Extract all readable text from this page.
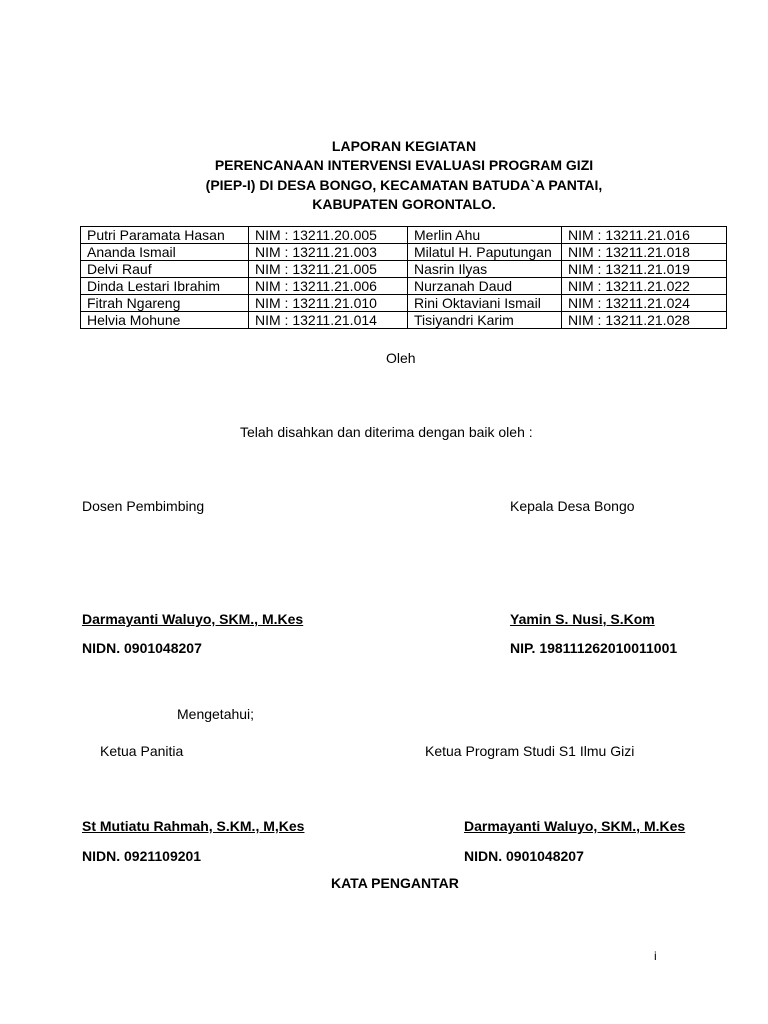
LAPORAN KEGIATAN
PERENCANAAN INTERVENSI EVALUASI PROGRAM GIZI
(PIEP-I) DI DESA BONGO, KECAMATAN BATUDA`A PANTAI,
KABUPATEN GORONTALO.
Putri Paramata Hasan	NIM : 13211.20.005	Merlin Ahu	NIM : 13211.21.016
Ananda Ismail	NIM : 13211.21.003	Milatul H. Paputungan	NIM : 13211.21.018
Delvi Rauf	NIM : 13211.21.005	Nasrin Ilyas	NIM : 13211.21.019
Dinda Lestari Ibrahim	NIM : 13211.21.006	Nurzanah Daud	NIM : 13211.21.022
Fitrah Ngareng	NIM : 13211.21.010	Rini Oktaviani Ismail	NIM : 13211.21.024
Helvia Mohune	NIM : 13211.21.014	Tisiyandri Karim	NIM : 13211.21.028
Oleh
Telah disahkan dan diterima dengan baik oleh :
Dosen Pembimbing	Kepala Desa Bongo
Darmayanti Waluyo, SKM., M.Kes	Yamin S. Nusi, S.Kom
NIDN. 0901048207	NIP. 198111262010011001
Mengetahui;
Ketua Panitia	Ketua Program Studi S1 Ilmu Gizi
St Mutiatu Rahmah, S.KM., M,Kes	Darmayanti Waluyo, SKM., M.Kes
NIDN. 0921109201	NIDN. 0901048207
KATA PENGANTAR
i
